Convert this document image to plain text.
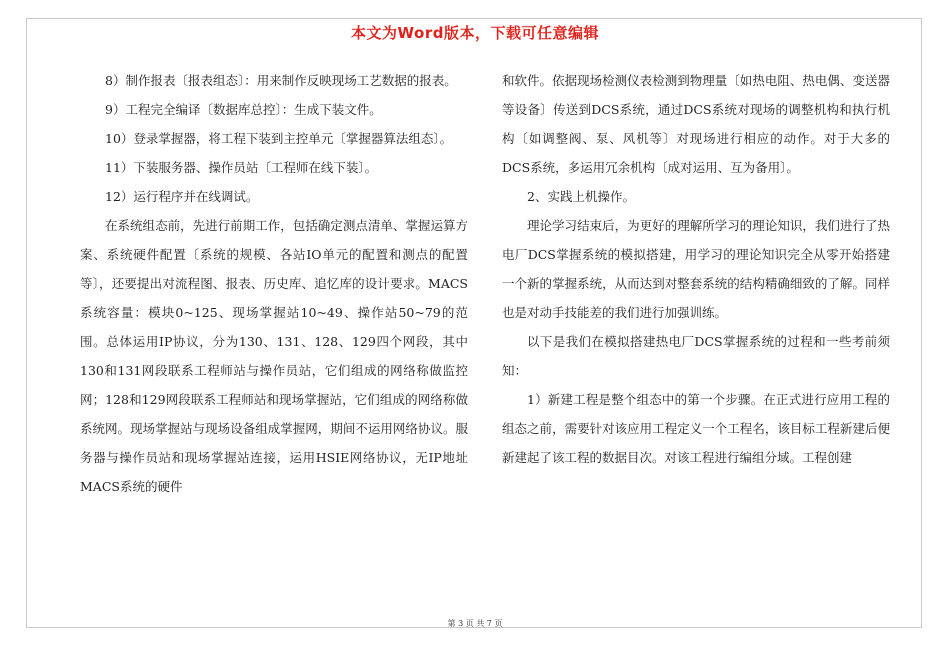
本文为Word版本，下载可任意编辑

8）制作报表〔报表组态〕：用来制作反映现场工艺数据的报表。

9）工程完全编译〔数据库总控〕：生成下装文件。

10）登录掌握器，将工程下装到主控单元〔掌握器算法组态〕。

11）下装服务器、操作员站〔工程师在线下装〕。

12）运行程序并在线调试。

在系统组态前，先进行前期工作，包括确定测点清单、掌握运算方案、系统硬件配置〔系统的规模、各站IO单元的配置和测点的配置等〕，还要提出对流程图、报表、历史库、追忆库的设计要求。MACS系统容量：模块0~125、现场掌握站10~49、操作站50~79的范围。总体运用IP协议，分为130、131、128、129四个网段，其中130和131网段联系工程师站与操作员站，它们组成的网络称做监控网；128和129网段联系工程师站和现场掌握站，它们组成的网络称做系统网。现场掌握站与现场设备组成掌握网，期间不运用网络协议。服务器与操作员站和现场掌握站连接，运用HSIE网络协议，无IP地址MACS系统的硬件

和软件。依据现场检测仪表检测到物理量〔如热电阻、热电偶、变送器等设备〕传送到DCS系统，通过DCS系统对现场的调整机构和执行机构〔如调整阀、泵、风机等〕对现场进行相应的动作。对于大多的DCS系统，多运用冗余机构〔成对运用、互为备用〕。

2、实践上机操作。

理论学习结束后，为更好的理解所学习的理论知识，我们进行了热电厂DCS掌握系统的模拟搭建，用学习的理论知识完全从零开始搭建一个新的掌握系统，从而达到对整套系统的结构精确细致的了解。同样也是对动手技能差的我们进行加强训练。

以下是我们在模拟搭建热电厂DCS掌握系统的过程和一些考前须知：

1）新建工程是整个组态中的第一个步骤。在正式进行应用工程的组态之前，需要针对该应用工程定义一个工程名，该目标工程新建后便新建起了该工程的数据目次。对该工程进行编组分域。工程创建

第 3 页 共 7 页
